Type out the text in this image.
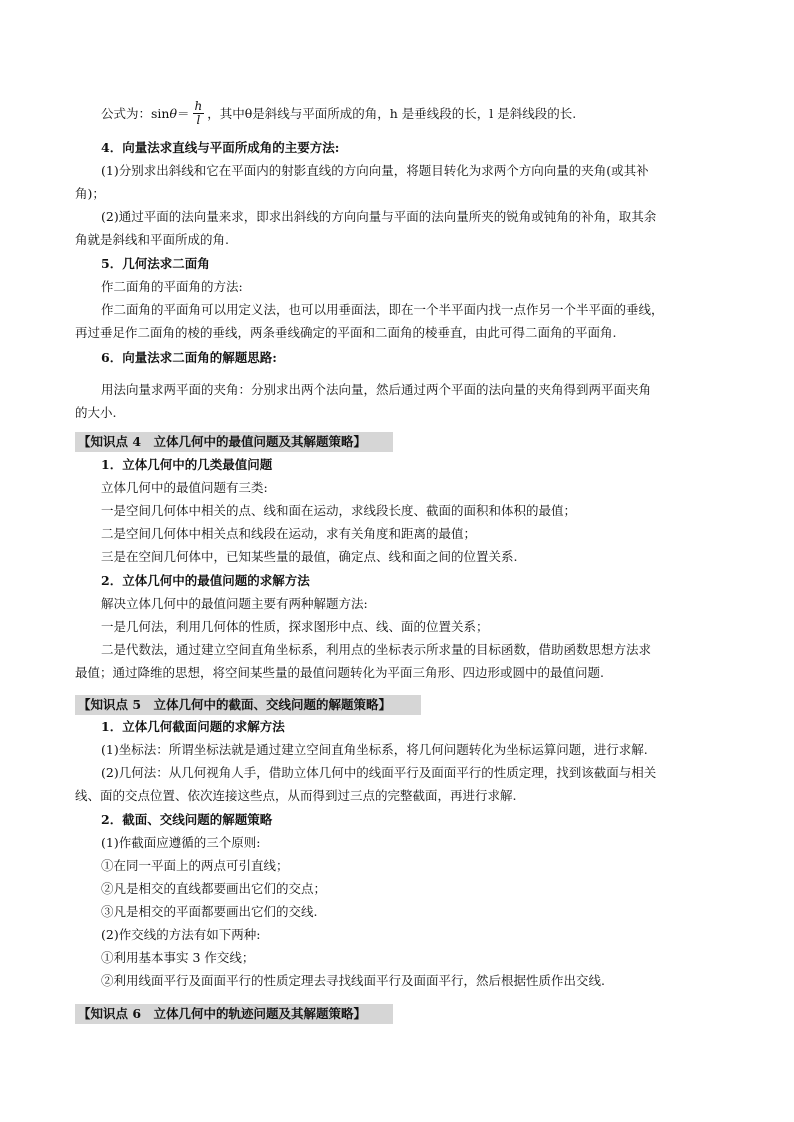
公式为：$\sin \theta = \frac{h}{l}$ ，其中θ是斜线与平面所成的角，h 是垂线段的长，l 是斜线段的长.
4．向量法求直线与平面所成角的主要方法:
(1)分别求出斜线和它在平面内的射影直线的方向向量，将题目转化为求两个方向向量的夹角(或其补
角)；
(2)通过平面的法向量来求，即求出斜线的方向向量与平面的法向量所夹的锐角或钝角的补角，取其余
角就是斜线和平面所成的角.
5．几何法求二面角
作二面角的平面角的方法:
作二面角的平面角可以用定义法，也可以用垂面法，即在一个半平面内找一点作另一个半平面的垂线，
再过垂足作二面角的棱的垂线，两条垂线确定的平面和二面角的棱垂直，由此可得二面角的平面角.
6．向量法求二面角的解题思路:
用法向量求两平面的夹角：分别求出两个法向量，然后通过两个平面的法向量的夹角得到两平面夹角
的大小.
【知识点 4　立体几何中的最值问题及其解题策略】
1．立体几何中的几类最值问题
立体几何中的最值问题有三类:
一是空间几何体中相关的点、线和面在运动，求线段长度、截面的面积和体积的最值；
二是空间几何体中相关点和线段在运动，求有关角度和距离的最值；
三是在空间几何体中，已知某些量的最值，确定点、线和面之间的位置关系.
2．立体几何中的最值问题的求解方法
解决立体几何中的最值问题主要有两种解题方法:
一是几何法，利用几何体的性质，探求图形中点、线、面的位置关系；
二是代数法，通过建立空间直角坐标系，利用点的坐标表示所求量的目标函数，借助函数思想方法求
最值；通过降维的思想，将空间某些量的最值问题转化为平面三角形、四边形或圆中的最值问题.
【知识点 5　立体几何中的截面、交线问题的解题策略】
1．立体几何截面问题的求解方法
(1)坐标法：所谓坐标法就是通过建立空间直角坐标系，将几何问题转化为坐标运算问题，进行求解.
(2)几何法：从几何视角人手，借助立体几何中的线面平行及面面平行的性质定理，找到该截面与相关
线、面的交点位置、依次连接这些点，从而得到过三点的完整截面，再进行求解.
2．截面、交线问题的解题策略
(1)作截面应遵循的三个原则:
①在同一平面上的两点可引直线；
②凡是相交的直线都要画出它们的交点；
③凡是相交的平面都要画出它们的交线.
(2)作交线的方法有如下两种:
①利用基本事实 3 作交线；
②利用线面平行及面面平行的性质定理去寻找线面平行及面面平行，然后根据性质作出交线.
【知识点 6　立体几何中的轨迹问题及其解题策略】
